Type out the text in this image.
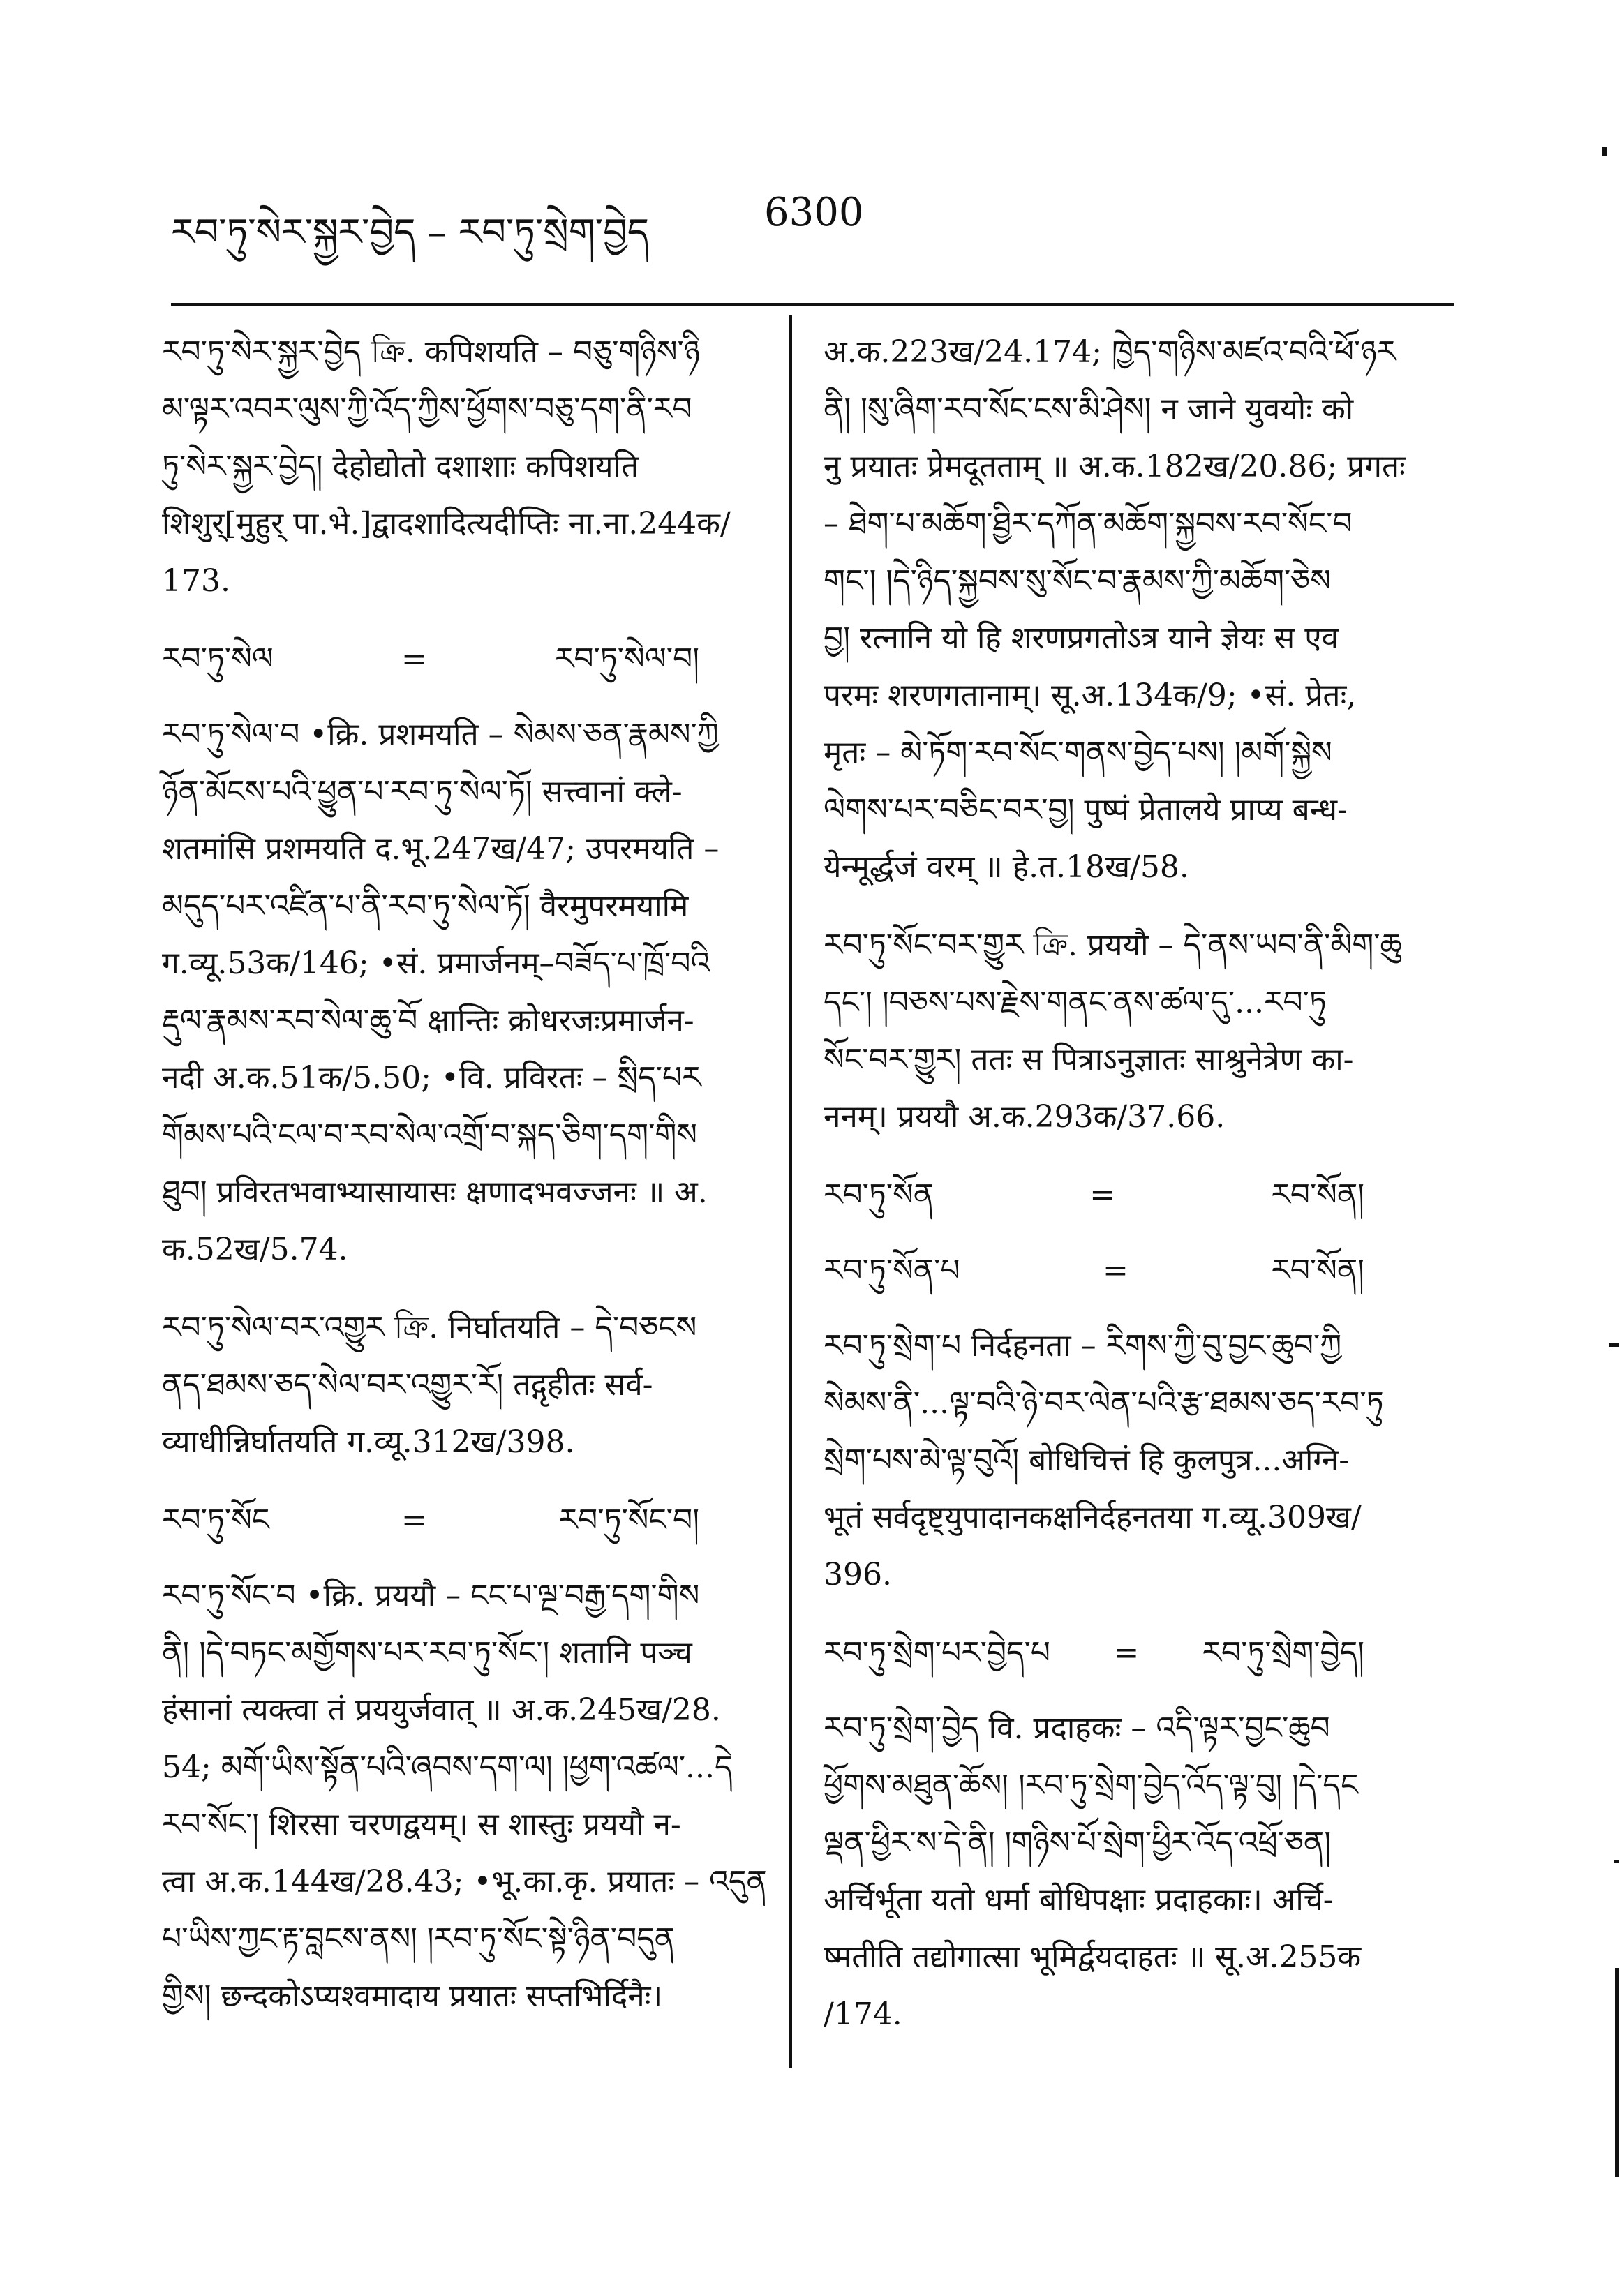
རབ་ཏུ་སེར་སྐྱར་བྱེད – རབ་ཏུ་སྲེག་བྱེད	6300

རབ་ཏུ་སེར་སྐྱར་བྱེད ক্রি. कपिशयति – བཅུ་གཉིས་ཉི

མ་ལྟར་འབར་ལུས་ཀྱི་འོད་ཀྱིས་ཕྱོགས་བཅུ་དག་ནི་རབ

ཏུ་སེར་སྐྱར་བྱེད། देहोद्योतो दशाशाः कपिशयति

शिशुर्[मुहुर् पा.भे.]द्वादशादित्यदीप्तिः ना.ना.244क/

173.

རབ་ཏུ་སེལ	=	རབ་ཏུ་སེལ་བ།

རབ་ཏུ་སེལ་བ •क्रि. प्रशमयति – སེམས་ཅན་རྣམས་ཀྱི

ཉོན་མོངས་པའི་ཕྱུན་པ་རབ་ཏུ་སེལ་ཏོ། सत्त्वानां क्ले-

शतमांसि प्रशमयति द.भू.247ख/47; उपरमयति –

མདུད་པར་འཛིན་པ་ནི་རབ་ཏུ་སེལ་ཏོ། वैरमुपरमयामि

ग.व्यू.53क/146; •सं. प्रमार्जनम्–བཟོད་པ་ཁྲོ་བའི

རྡུལ་རྣམས་རབ་སེལ་ཆུ་བོ क्षान्तिः क्रोधरजःप्रमार्जन-

नदी अ.क.51क/5.50; •वि. प्रविरतः – སྲིད་པར

གོམས་པའི་ངལ་བ་རབ་སེལ་འགྲོ་བ་སྐད་ཅིག་དག་གིས

ཐུབ། प्रविरतभवाभ्यासायासः क्षणादभवज्जनः ॥ अ.

क.52ख/5.74.

རབ་ཏུ་སེལ་བར་འགྱུར ক্রি. निर्घातयति – དེ་བཅངས

ནད་ཐམས་ཅད་སེལ་བར་འགྱུར་རོ། तद्गृहीतः सर्व-

व्याधीन्निर्घातयति ग.व्यू.312ख/398.

རབ་ཏུ་སོང	=	རབ་ཏུ་སོང་བ།

རབ་ཏུ་སོང་བ •क्रि. प्रययौ – ངང་པ་ལྔ་བརྒྱ་དག་གིས

ནི། །དེ་བཏང་མགྱོགས་པར་རབ་ཏུ་སོང་། शतानि पञ्च

हंसानां त्यक्त्वा तं प्रययुर्जवात् ॥ अ.क.245ख/28.

54; མགོ་ཡིས་སྟོན་པའི་ཞབས་དག་ལ། །ཕྱག་འཚལ་...དེ

རབ་སོང་། शिरसा चरणद्वयम्। स शास्तुः प्रययौ न-

त्वा अ.क.144ख/28.43; •भू.का.कृ. प्रयातः – འདུན

པ་ཡིས་ཀྱང་རྟ་བླངས་ནས། །རབ་ཏུ་སོང་སྟེ་ཉིན་བདུན

གྱིས། छन्दकोऽप्यश्वमादाय प्रयातः सप्तभिर्दिनैः।

अ.क.223ख/24.174; ཁྱེད་གཉིས་མཛའ་བའི་ཕོ་ཉར

ནི། །སུ་ཞིག་རབ་སོང་ངས་མི་ཤེས། न जाने युवयोः को

नु प्रयातः प्रेमदूतताम् ॥ अ.क.182ख/20.86; प्रगतः

– ཐེག་པ་མཆོག་ཐྱིར་དཀོན་མཆོག་སྐྱབས་རབ་སོང་བ

གང་། །དེ་ཉིད་སྐྱབས་སུ་སོང་བ་རྣམས་ཀྱི་མཆོག་ཅེས

བྱ། रत्नानि यो हि शरणप्रगतोऽत्र याने ज्ञेयः स एव

परमः शरणगतानाम्। सू.अ.134क/9; •सं. प्रेतः,

मृतः – མེ་ཏོག་རབ་སོང་གནས་བྱེད་པས། །མགོ་སྐྱེས

ལེགས་པར་བཅིང་བར་བྱ། पुष्पं प्रेतालये प्राप्य बन्ध-

येन्मूर्द्धजं वरम् ॥ हे.त.18ख/58.

རབ་ཏུ་སོང་བར་གྱུར ক্রি. प्रययौ – དེ་ནས་ཡབ་ནི་མིག་ཆུ

དང་། །བཅས་པས་རྗེས་གནང་ནས་ཚལ་དུ་...རབ་ཏུ

སོང་བར་གྱུར། ततः स पित्राऽनुज्ञातः साश्रुनेत्रेण का-

ननम्। प्रययौ अ.क.293क/37.66.

རབ་ཏུ་སོན	=	རབ་སོན།
རབ་ཏུ་སོན་པ	=	རབ་སོན།

རབ་ཏུ་སྲེག་པ निर्दहनता – རིགས་ཀྱི་བུ་བྱང་ཆུབ་ཀྱི

སེམས་ནི་...ལྟ་བའི་ཉེ་བར་ལེན་པའི་རྩ་ཐམས་ཅད་རབ་ཏུ

སྲེག་པས་མེ་ལྟ་བུའོ། बोधिचित्तं हि कुलपुत्र...अग्नि-

भूतं सर्वदृष्ट्युपादानकक्षनिर्दहनतया ग.व्यू.309ख/

396.

རབ་ཏུ་སྲེག་པར་བྱེད་པ	=	རབ་ཏུ་སྲེག་བྱེད།

རབ་ཏུ་སྲེག་བྱེད वि. प्रदाहकः – འདི་ལྟར་བྱང་ཆུབ

ཕྱོགས་མཐུན་ཆོས། །རབ་ཏུ་སྲེག་བྱེད་འོད་ལྟ་བུ། །དེ་དང

ལྡན་ཕྱིར་ས་དེ་ནི། །གཉིས་པོ་སྲེག་ཕྱིར་འོད་འཕྲོ་ཅན།

अर्चिर्भूता यतो धर्मा बोधिपक्षाः प्रदाहकाः। अर्चि-

ष्मतीति तद्योगात्सा भूमिर्द्वयदाहतः ॥ सू.अ.255क

/174.
